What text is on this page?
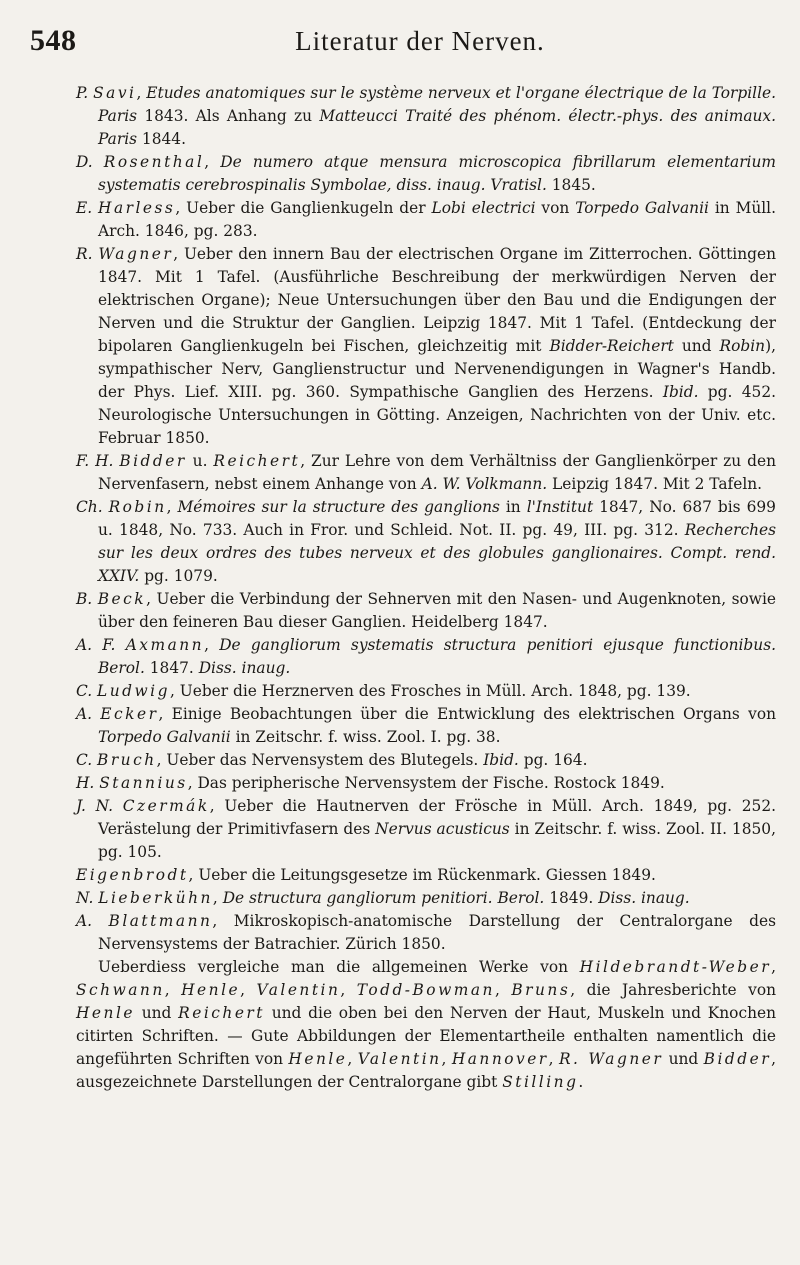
548	Literatur der Nerven.

P. Savi, Etudes anatomiques sur le système nerveux et l'organe électrique de la Torpille. Paris 1843. Als Anhang zu Matteucci Traité des phénom. électr.-phys. des animaux. Paris 1844.

D. Rosenthal, De numero atque mensura microscopica fibrillarum elementarium systematis cerebrospinalis Symbolae, diss. inaug. Vratisl. 1845.

E. Harless, Ueber die Ganglienkugeln der Lobi electrici von Torpedo Galvanii in Müll. Arch. 1846, pg. 283.

R. Wagner, Ueber den innern Bau der electrischen Organe im Zitterrochen. Göttingen 1847. Mit 1 Tafel. (Ausführliche Beschreibung der merkwürdigen Nerven der elektrischen Organe); Neue Untersuchungen über den Bau und die Endigungen der Nerven und die Struktur der Ganglien. Leipzig 1847. Mit 1 Tafel. (Entdeckung der bipolaren Ganglienkugeln bei Fischen, gleichzeitig mit Bidder-Reichert und Robin), sympathischer Nerv, Ganglienstructur und Nervenendigungen in Wagner's Handb. der Phys. Lief. XIII. pg. 360. Sympathische Ganglien des Herzens. Ibid. pg. 452. Neurologische Untersuchungen in Götting. Anzeigen, Nachrichten von der Univ. etc. Februar 1850.

F. H. Bidder u. Reichert, Zur Lehre von dem Verhältniss der Ganglienkörper zu den Nervenfasern, nebst einem Anhange von A. W. Volkmann. Leipzig 1847. Mit 2 Tafeln.

Ch. Robin, Mémoires sur la structure des ganglions in l'Institut 1847, No. 687 bis 699 u. 1848, No. 733. Auch in Fror. und Schleid. Not. II. pg. 49, III. pg. 312. Recherches sur les deux ordres des tubes nerveux et des globules ganglionaires. Compt. rend. XXIV. pg. 1079.

B. Beck, Ueber die Verbindung der Sehnerven mit den Nasen- und Augenknoten, sowie über den feineren Bau dieser Ganglien. Heidelberg 1847.

A. F. Axmann, De gangliorum systematis structura penitiori ejusque functionibus. Berol. 1847. Diss. inaug.

C. Ludwig, Ueber die Herznerven des Frosches in Müll. Arch. 1848, pg. 139.

A. Ecker, Einige Beobachtungen über die Entwicklung des elektrischen Organs von Torpedo Galvanii in Zeitschr. f. wiss. Zool. I. pg. 38.

C. Bruch, Ueber das Nervensystem des Blutegels. Ibid. pg. 164.

H. Stannius, Das peripherische Nervensystem der Fische. Rostock 1849.

J. N. Czermák, Ueber die Hautnerven der Frösche in Müll. Arch. 1849, pg. 252. Verästelung der Primitivfasern des Nervus acusticus in Zeitschr. f. wiss. Zool. II. 1850, pg. 105.

Eigenbrodt, Ueber die Leitungsgesetze im Rückenmark. Giessen 1849.

N. Lieberkühn, De structura gangliorum penitiori. Berol. 1849. Diss. inaug.

A. Blattmann, Mikroskopisch-anatomische Darstellung der Centralorgane des Nervensystems der Batrachier. Zürich 1850.

Ueberdiess vergleiche man die allgemeinen Werke von Hildebrandt-Weber, Schwann, Henle, Valentin, Todd-Bowman, Bruns, die Jahresberichte von Henle und Reichert und die oben bei den Nerven der Haut, Muskeln und Knochen citirten Schriften. — Gute Abbildungen der Elementartheile enthalten namentlich die angeführten Schriften von Henle, Valentin, Hannover, R. Wagner und Bidder, ausgezeichnete Darstellungen der Centralorgane gibt Stilling.
